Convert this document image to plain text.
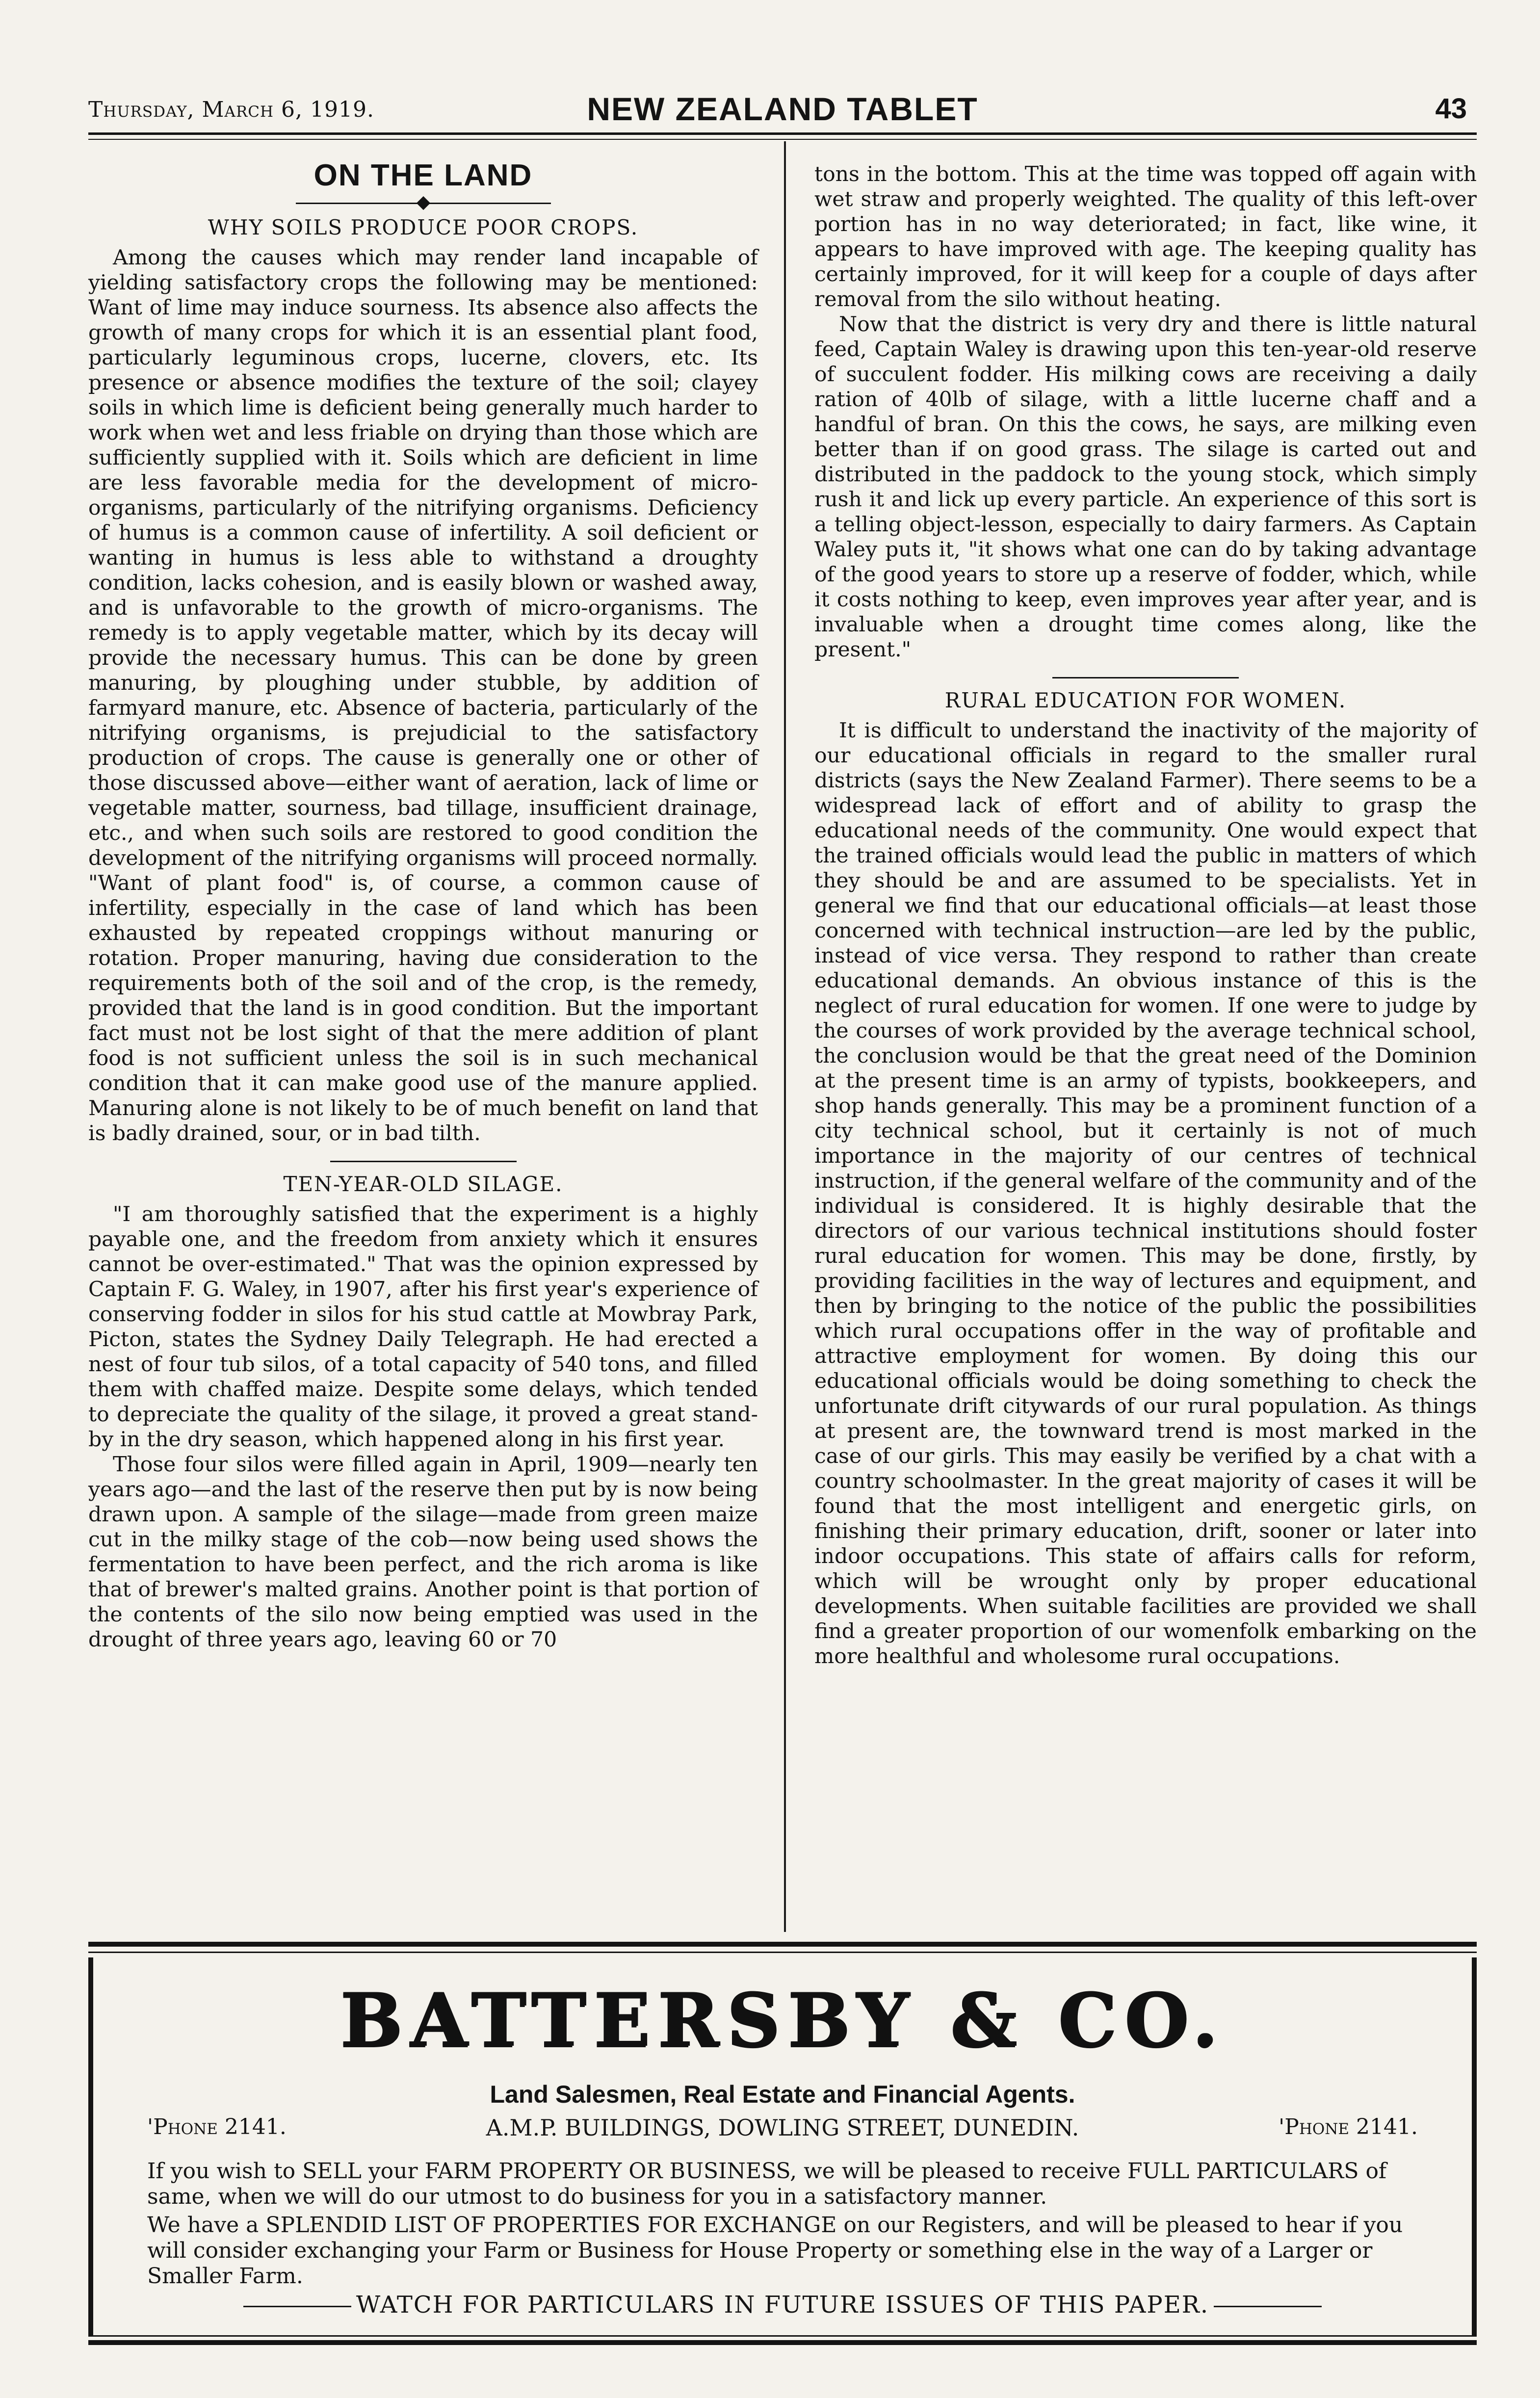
Thursday, March 6, 1919.	NEW ZEALAND TABLET	43
ON THE LAND
WHY SOILS PRODUCE POOR CROPS.

Among the causes which may render land incapable of yielding satisfactory crops the following may be mentioned: Want of lime may induce sourness. Its absence also affects the growth of many crops for which it is an essential plant food, particularly leguminous crops, lucerne, clovers, etc. Its presence or absence modifies the texture of the soil; clayey soils in which lime is deficient being generally much harder to work when wet and less friable on drying than those which are sufficiently supplied with it. Soils which are deficient in lime are less favorable media for the development of micro-organisms, particularly of the nitrifying organisms. Deficiency of humus is a common cause of infertility. A soil deficient or wanting in humus is less able to withstand a droughty condition, lacks cohesion, and is easily blown or washed away, and is unfavorable to the growth of micro-organisms. The remedy is to apply vegetable matter, which by its decay will provide the necessary humus. This can be done by green manuring, by ploughing under stubble, by addition of farmyard manure, etc. Absence of bacteria, particularly of the nitrifying organisms, is prejudicial to the satisfactory production of crops. The cause is generally one or other of those discussed above—either want of aeration, lack of lime or vegetable matter, sourness, bad tillage, insufficient drainage, etc., and when such soils are restored to good condition the development of the nitrifying organisms will proceed normally. "Want of plant food" is, of course, a common cause of infertility, especially in the case of land which has been exhausted by repeated croppings without manuring or rotation. Proper manuring, having due consideration to the requirements both of the soil and of the crop, is the remedy, provided that the land is in good condition. But the important fact must not be lost sight of that the mere addition of plant food is not sufficient unless the soil is in such mechanical condition that it can make good use of the manure applied. Manuring alone is not likely to be of much benefit on land that is badly drained, sour, or in bad tilth.

TEN-YEAR-OLD SILAGE.

"I am thoroughly satisfied that the experiment is a highly payable one, and the freedom from anxiety which it ensures cannot be over-estimated." That was the opinion expressed by Captain F. G. Waley, in 1907, after his first year's experience of conserving fodder in silos for his stud cattle at Mowbray Park, Picton, states the Sydney Daily Telegraph. He had erected a nest of four tub silos, of a total capacity of 540 tons, and filled them with chaffed maize. Despite some delays, which tended to depreciate the quality of the silage, it proved a great stand-by in the dry season, which happened along in his first year.

Those four silos were filled again in April, 1909—nearly ten years ago—and the last of the reserve then put by is now being drawn upon. A sample of the silage—made from green maize cut in the milky stage of the cob—now being used shows the fermentation to have been perfect, and the rich aroma is like that of brewer's malted grains. Another point is that portion of the contents of the silo now being emptied was used in the drought of three years ago, leaving 60 or 70

tons in the bottom. This at the time was topped off again with wet straw and properly weighted. The quality of this left-over portion has in no way deteriorated; in fact, like wine, it appears to have improved with age. The keeping quality has certainly improved, for it will keep for a couple of days after removal from the silo without heating.

Now that the district is very dry and there is little natural feed, Captain Waley is drawing upon this ten-year-old reserve of succulent fodder. His milking cows are receiving a daily ration of 40lb of silage, with a little lucerne chaff and a handful of bran. On this the cows, he says, are milking even better than if on good grass. The silage is carted out and distributed in the paddock to the young stock, which simply rush it and lick up every particle. An experience of this sort is a telling object-lesson, especially to dairy farmers. As Captain Waley puts it, "it shows what one can do by taking advantage of the good years to store up a reserve of fodder, which, while it costs nothing to keep, even improves year after year, and is invaluable when a drought time comes along, like the present."

RURAL EDUCATION FOR WOMEN.

It is difficult to understand the inactivity of the majority of our educational officials in regard to the smaller rural districts (says the New Zealand Farmer). There seems to be a widespread lack of effort and of ability to grasp the educational needs of the community. One would expect that the trained officials would lead the public in matters of which they should be and are assumed to be specialists. Yet in general we find that our educational officials—at least those concerned with technical instruction—are led by the public, instead of vice versa. They respond to rather than create educational demands. An obvious instance of this is the neglect of rural education for women. If one were to judge by the courses of work provided by the average technical school, the conclusion would be that the great need of the Dominion at the present time is an army of typists, bookkeepers, and shop hands generally. This may be a prominent function of a city technical school, but it certainly is not of much importance in the majority of our centres of technical instruction, if the general welfare of the community and of the individual is considered. It is highly desirable that the directors of our various technical institutions should foster rural education for women. This may be done, firstly, by providing facilities in the way of lectures and equipment, and then by bringing to the notice of the public the possibilities which rural occupations offer in the way of profitable and attractive employment for women. By doing this our educational officials would be doing something to check the unfortunate drift citywards of our rural population. As things at present are, the townward trend is most marked in the case of our girls. This may easily be verified by a chat with a country schoolmaster. In the great majority of cases it will be found that the most intelligent and energetic girls, on finishing their primary education, drift, sooner or later into indoor occupations. This state of affairs calls for reform, which will be wrought only by proper educational developments. When suitable facilities are provided we shall find a greater proportion of our womenfolk embarking on the more healthful and wholesome rural occupations.

BATTERSBY & CO.
Land Salesmen, Real Estate and Financial Agents.
'Phone 2141.	A.M.P. BUILDINGS, DOWLING STREET, DUNEDIN.	'Phone 2141.
If you wish to SELL your FARM PROPERTY OR BUSINESS, we will be pleased to receive FULL PARTICULARS of same, when we will do our utmost to do business for you in a satisfactory manner.
We have a SPLENDID LIST OF PROPERTIES FOR EXCHANGE on our Registers, and will be pleased to hear if you will consider exchanging your Farm or Business for House Property or something else in the way of a Larger or Smaller Farm.
WATCH FOR PARTICULARS IN FUTURE ISSUES OF THIS PAPER.
